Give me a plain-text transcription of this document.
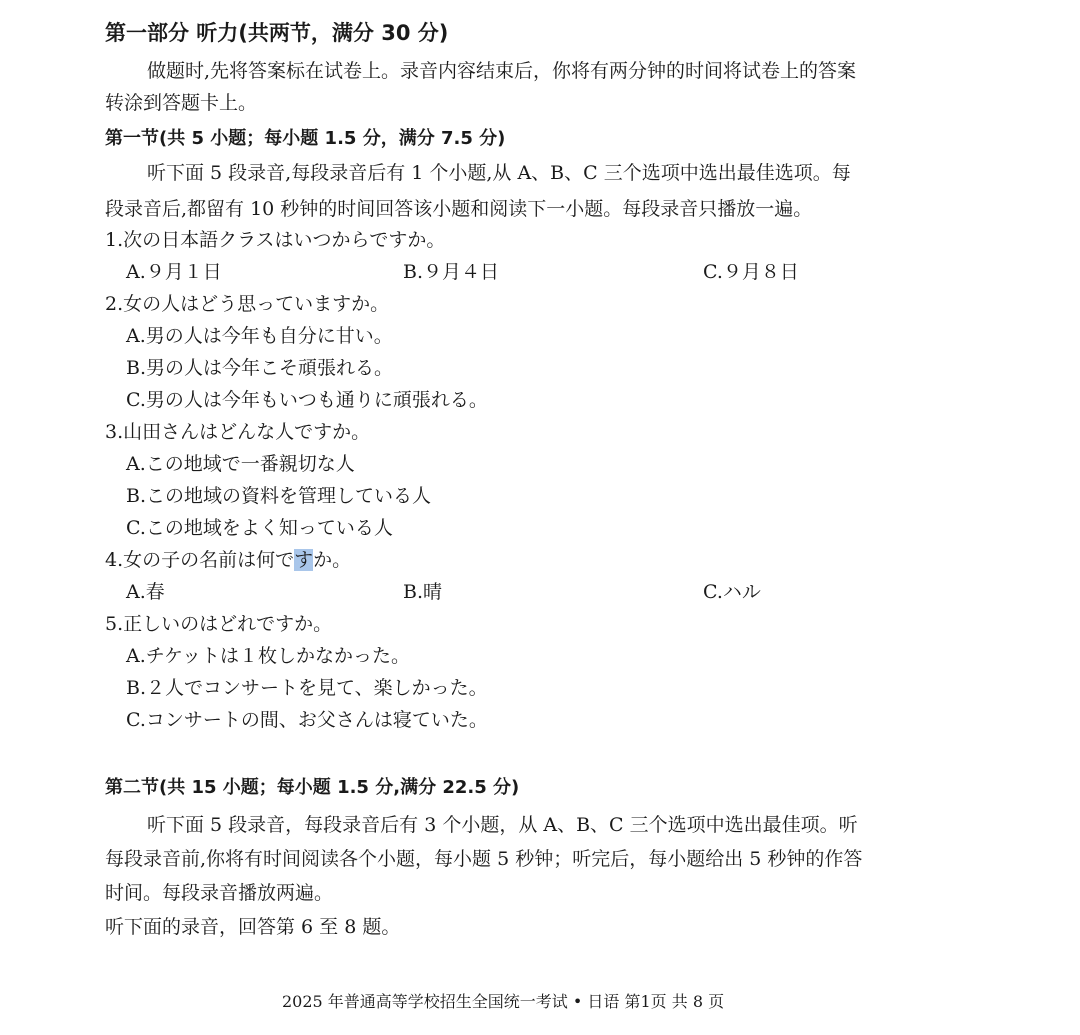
第一部分 听力(共两节，满分 30 分)
做题时,先将答案标在试卷上。录音内容结束后，你将有两分钟的时间将试卷上的答案
转涂到答题卡上。
第一节(共 5 小题；每小题 1.5 分，满分 7.5 分)
听下面 5 段录音,每段录音后有 1 个小题,从 A、B、C 三个选项中选出最佳选项。每
段录音后,都留有 10 秒钟的时间回答该小题和阅读下一小题。每段录音只播放一遍。
1.次の日本語クラスはいつからですか。
A.９月１日	B.９月４日	C.９月８日
2.女の人はどう思っていますか。
A.男の人は今年も自分に甘い。
B.男の人は今年こそ頑張れる。
C.男の人は今年もいつも通りに頑張れる。
3.山田さんはどんな人ですか。
A.この地域で一番親切な人
B.この地域の資料を管理している人
C.この地域をよく知っている人
4.女の子の名前は何ですか。
A.春	B.晴	C.ハル
5.正しいのはどれですか。
A.チケットは１枚しかなかった。
B.２人でコンサートを見て、楽しかった。
C.コンサートの間、お父さんは寝ていた。
第二节(共 15 小题；每小题 1.5 分,满分 22.5 分)
听下面 5 段录音，每段录音后有 3 个小题，从 A、B、C 三个选项中选出最佳项。听
每段录音前,你将有时间阅读各个小题，每小题 5 秒钟；听完后，每小题给出 5 秒钟的作答
时间。每段录音播放两遍。
听下面的录音，回答第 6 至 8 题。
2025 年普通高等学校招生全国统一考试 • 日语 第1页 共 8 页
